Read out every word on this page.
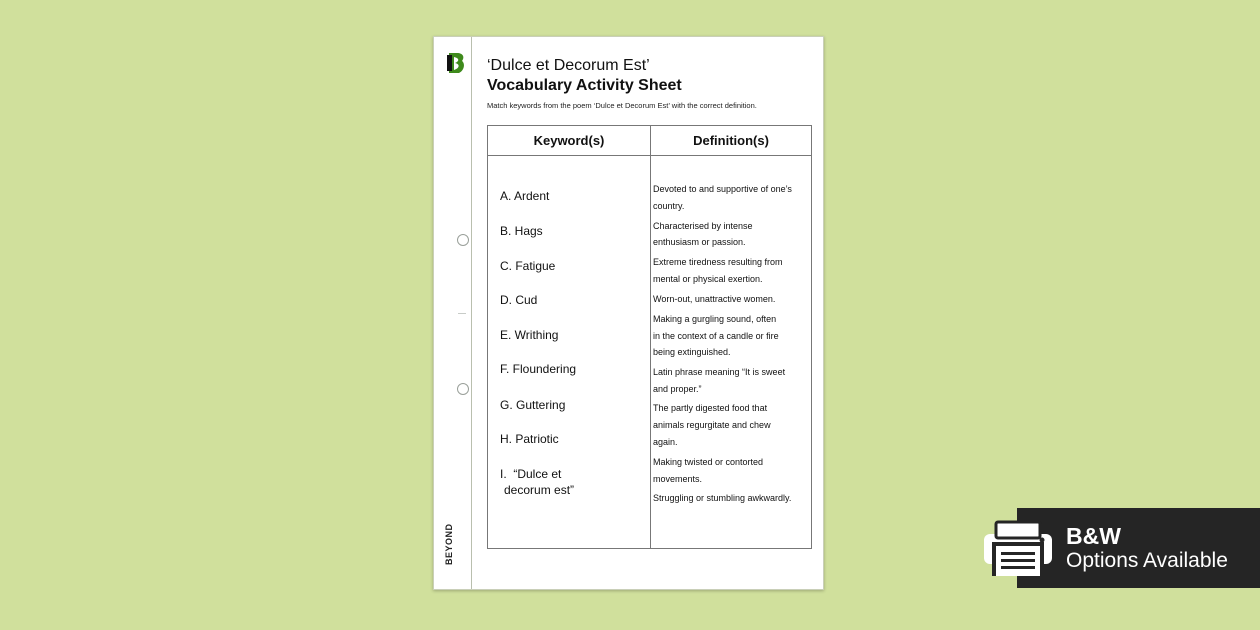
BEYOND
‘Dulce et Decorum Est’
Vocabulary Activity Sheet
Match keywords from the poem ‘Dulce et Decorum Est’ with the correct definition.
Keyword(s)	Definition(s)
A. Ardent
B. Hags
C. Fatigue
D. Cud
E. Writhing
F. Floundering
G. Guttering
H. Patriotic
I.  “Dulce et
decorum est”
Devoted to and supportive of one’s
country.
Characterised by intense
enthusiasm or passion.
Extreme tiredness resulting from
mental or physical exertion.
Worn-out, unattractive women.
Making a gurgling sound, often
in the context of a candle or fire
being extinguished.
Latin phrase meaning “It is sweet
and proper.”
The partly digested food that
animals regurgitate and chew
again.
Making twisted or contorted
movements.
Struggling or stumbling awkwardly.
B&W
Options Available
